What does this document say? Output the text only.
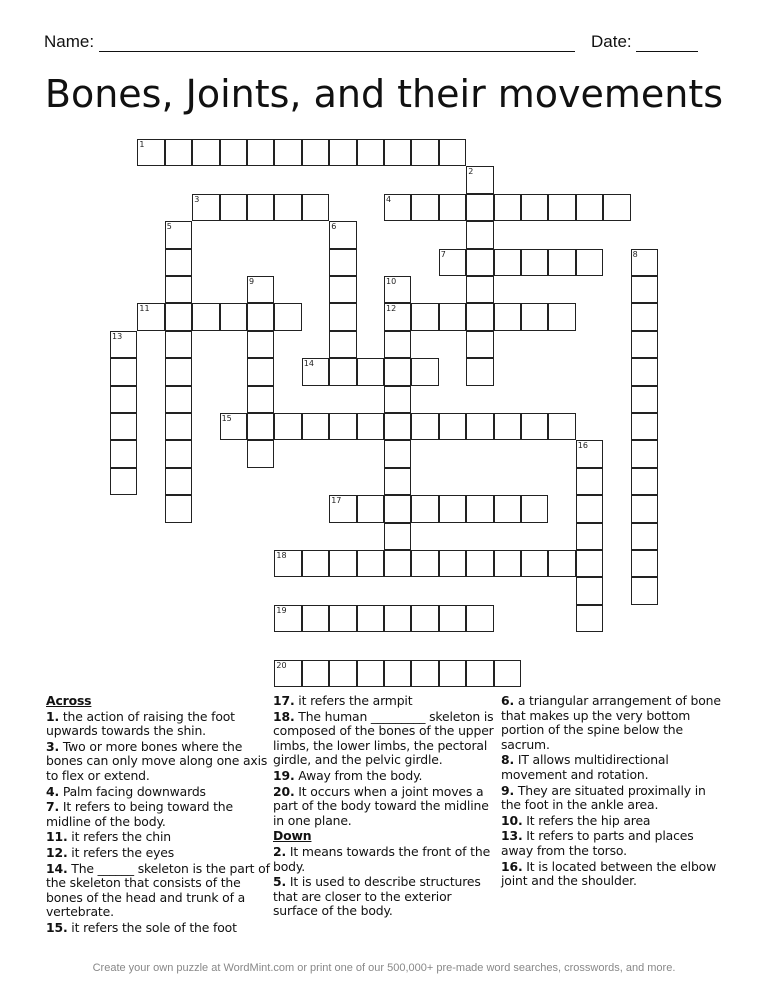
Name:	Date:
Bones, Joints, and their movements
1
2
3	4
5	6
7	8
9	10
12
11
13
14
15
16
17
18
19
20
Across
1. the action of raising the foot upwards towards the shin.
3. Two or more bones where the bones can only move along one axis to flex or extend.
4. Palm facing downwards
7. It refers to being toward the midline of the body.
11. it refers the chin
12. it refers the eyes
14. The ______ skeleton is the part of the skeleton that consists of the bones of the head and trunk of a vertebrate.
15. it refers the sole of the foot
17. it refers the armpit
18. The human _________ skeleton is composed of the bones of the upper limbs, the lower limbs, the pectoral girdle, and the pelvic girdle.
19. Away from the body.
20. It occurs when a joint moves a part of the body toward the midline in one plane.
Down
2. It means towards the front of the body.
5. It is used to describe structures that are closer to the exterior surface of the body.
6. a triangular arrangement of bone that makes up the very bottom portion of the spine below the sacrum.
8. IT allows multidirectional movement and rotation.
9. They are situated proximally in the foot in the ankle area.
10. It refers the hip area
13. It refers to parts and places away from the torso.
16. It is located between the elbow joint and the shoulder.
Create your own puzzle at WordMint.com or print one of our 500,000+ pre-made word searches, crosswords, and more.
